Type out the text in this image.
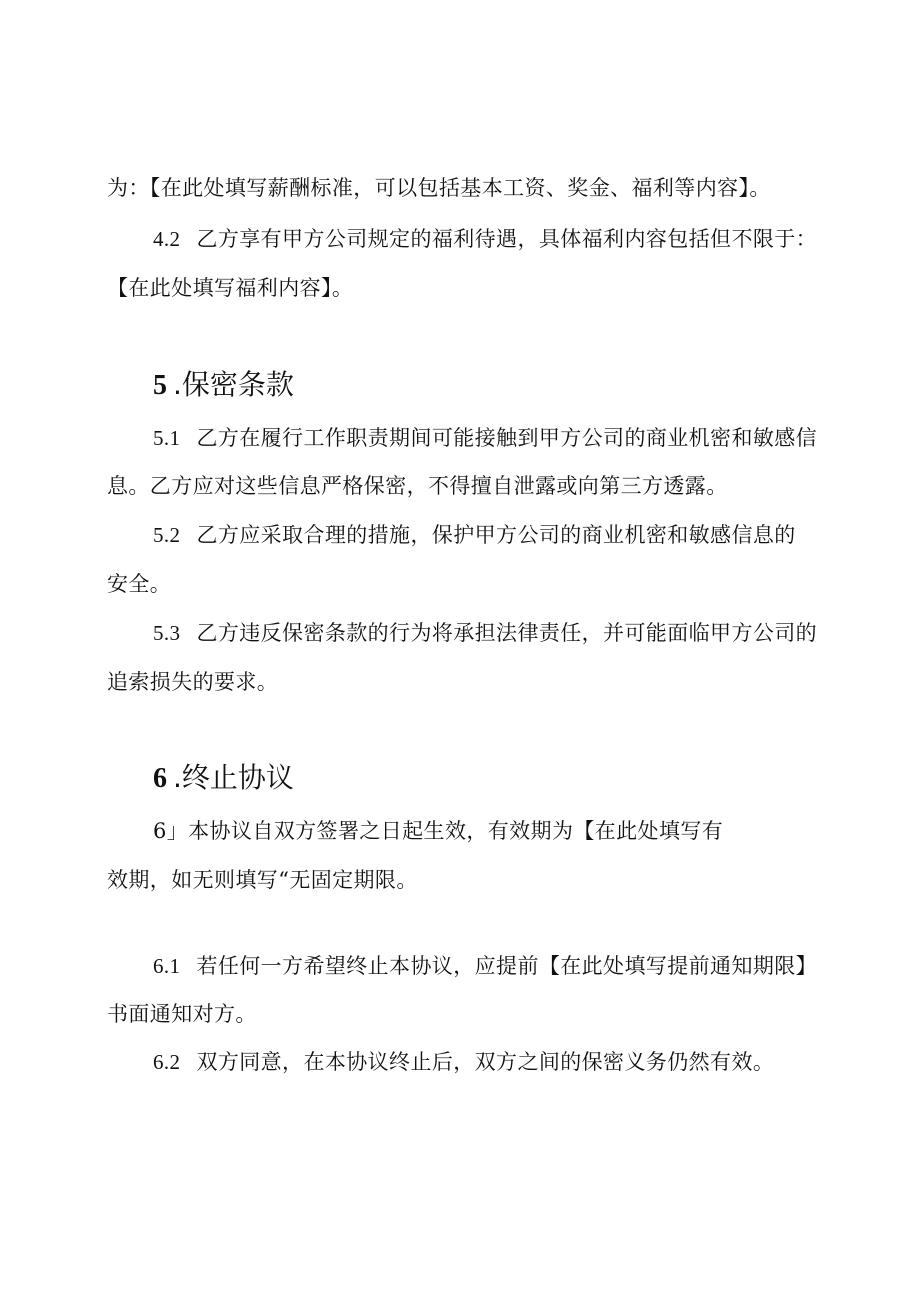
为：【在此处填写薪酬标准，可以包括基本工资、奖金、福利等内容】。
4.2 乙方享有甲方公司规定的福利待遇，具体福利内容包括但不限于：
【在此处填写福利内容】。
5 .保密条款
5.1 乙方在履行工作职责期间可能接触到甲方公司的商业机密和敏感信
息。乙方应对这些信息严格保密，不得擅自泄露或向第三方透露。
5.2 乙方应采取合理的措施，保护甲方公司的商业机密和敏感信息的
安全。
5.3 乙方违反保密条款的行为将承担法律责任，并可能面临甲方公司的
追索损失的要求。
6 .终止协议
6」本协议自双方签署之日起生效，有效期为【在此处填写有
效期，如无则填写“无固定期限。
6.1 若任何一方希望终止本协议，应提前【在此处填写提前通知期限】
书面通知对方。
6.2 双方同意，在本协议终止后，双方之间的保密义务仍然有效。
